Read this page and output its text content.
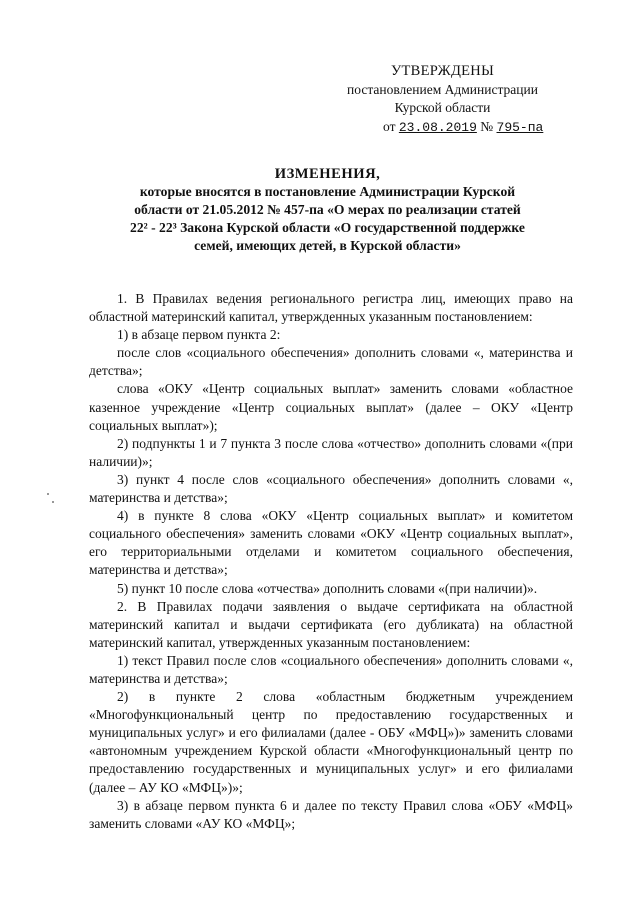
УТВЕРЖДЕНЫ
постановлением Администрации
Курской области
от 23.08.2019 № 795-па
ИЗМЕНЕНИЯ,
которые вносятся в постановление Администрации Курской
области от 21.05.2012 № 457-па «О мерах по реализации статей
22² - 22³ Закона Курской области «О государственной поддержке
семей, имеющих детей, в Курской области»

1. В Правилах ведения регионального регистра лиц, имеющих право на областной материнский капитал, утвержденных указанным постановлением:

1) в абзаце первом пункта 2:

после слов «социального обеспечения» дополнить словами «, материнства и детства»;

слова «ОКУ «Центр социальных выплат» заменить словами «областное казенное учреждение «Центр социальных выплат» (далее – ОКУ «Центр социальных выплат»);

2) подпункты 1 и 7 пункта 3 после слова «отчество» дополнить словами «(при наличии)»;

3) пункт 4 после слов «социального обеспечения» дополнить словами «, материнства и детства»;

4) в пункте 8 слова «ОКУ «Центр социальных выплат» и комитетом социального обеспечения» заменить словами «ОКУ «Центр социальных выплат», его территориальными отделами и комитетом социального обеспечения, материнства и детства»;

5) пункт 10 после слова «отчества» дополнить словами «(при наличии)».

2. В Правилах подачи заявления о выдаче сертификата на областной материнский капитал и выдачи сертификата (его дубликата) на областной материнский капитал, утвержденных указанным постановлением:

1) текст Правил после слов «социального обеспечения» дополнить словами «, материнства и детства»;

2) в пункте 2 слова «областным бюджетным учреждением «Многофункциональный центр по предоставлению государственных и муниципальных услуг» и его филиалами (далее - ОБУ «МФЦ»)» заменить словами «автономным учреждением Курской области «Многофункциональный центр по предоставлению государственных и муниципальных услуг» и его филиалами (далее – АУ КО «МФЦ»)»;

3) в абзаце первом пункта 6 и далее по тексту Правил слова «ОБУ «МФЦ» заменить словами «АУ КО «МФЦ»;
